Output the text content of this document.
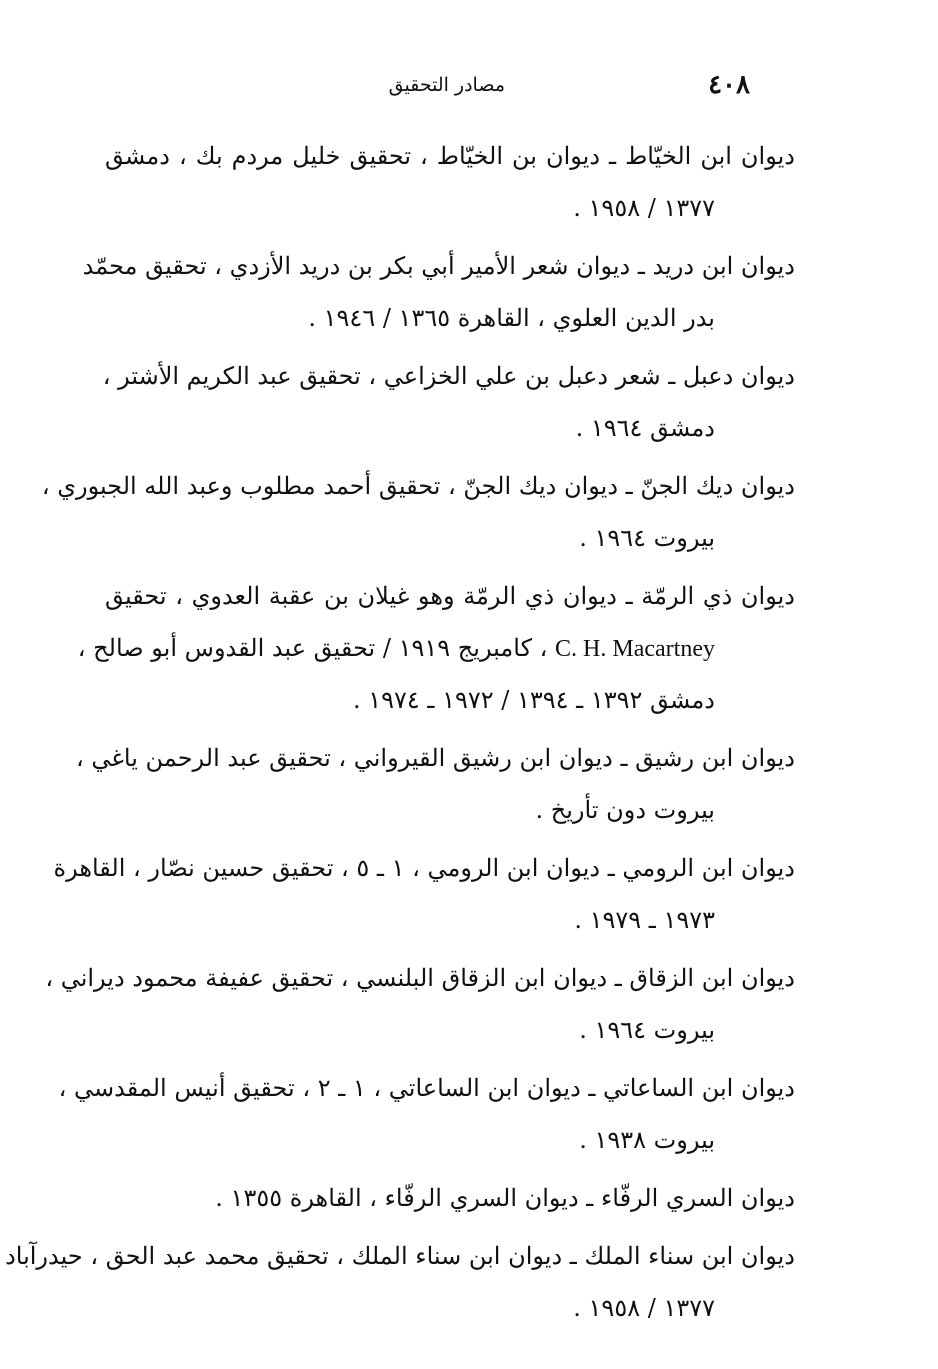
٤٠٨
مصادر التحقيق
ديوان ابن الخيّاط ـ ديوان بن الخيّاط ، تحقيق خليل مردم بك ، دمشق
١٣٧٧ / ١٩٥٨ .
ديوان ابن دريد ـ ديوان شعر الأمير أبي بكر بن دريد الأزدي ، تحقيق محمّد
بدر الدين العلوي ، القاهرة ١٣٦٥ / ١٩٤٦ .
ديوان دعبل ـ شعر دعبل بن علي الخزاعي ، تحقيق عبد الكريم الأشتر ،
دمشق ١٩٦٤ .
ديوان ديك الجنّ ـ ديوان ديك الجنّ ، تحقيق أحمد مطلوب وعبد الله الجبوري ،
بيروت ١٩٦٤ .
ديوان ذي الرمّة ـ ديوان ذي الرمّة وهو غيلان بن عقبة العدوي ، تحقيق
C. H. Macartney ، كامبريج ١٩١٩ / تحقيق عبد القدوس أبو صالح ،
دمشق ١٣٩٢ ـ ١٣٩٤ / ١٩٧٢ ـ ١٩٧٤ .
ديوان ابن رشيق ـ ديوان ابن رشيق القيرواني ، تحقيق عبد الرحمن ياغي ،
بيروت دون تأريخ .
ديوان ابن الرومي ـ ديوان ابن الرومي ، ١ ـ ٥ ، تحقيق حسين نصّار ، القاهرة
١٩٧٣ ـ ١٩٧٩ .
ديوان ابن الزقاق ـ ديوان ابن الزقاق البلنسي ، تحقيق عفيفة محمود ديراني ،
بيروت ١٩٦٤ .
ديوان ابن الساعاتي ـ ديوان ابن الساعاتي ، ١ ـ ٢ ، تحقيق أنيس المقدسي ،
بيروت ١٩٣٨ .
ديوان السري الرفّاء ـ ديوان السري الرفّاء ، القاهرة ١٣٥٥ .
ديوان ابن سناء الملك ـ ديوان ابن سناء الملك ، تحقيق محمد عبد الحق ، حيدرآباد
١٣٧٧ / ١٩٥٨ .
